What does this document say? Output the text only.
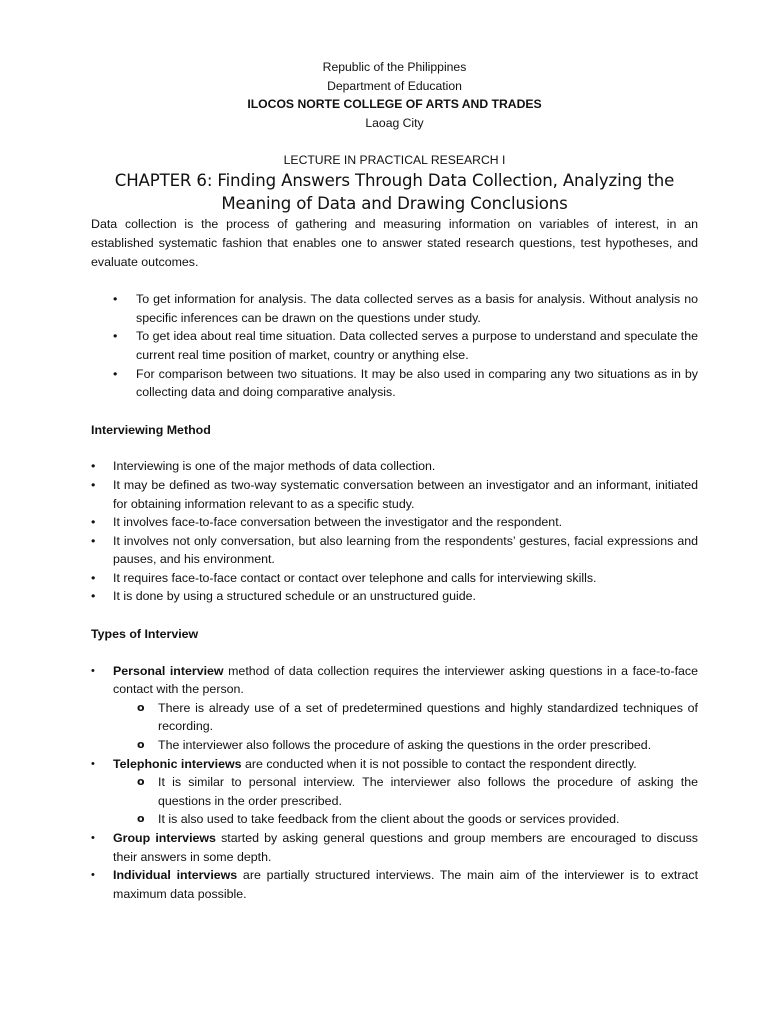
Republic of the Philippines
Department of Education
ILOCOS NORTE COLLEGE OF ARTS AND TRADES
Laoag City
LECTURE IN PRACTICAL RESEARCH I
CHAPTER 6: Finding Answers Through Data Collection, Analyzing the Meaning of Data and Drawing Conclusions

Data collection is the process of gathering and measuring information on variables of interest, in an established systematic fashion that enables one to answer stated research questions, test hypotheses, and evaluate outcomes.

• To get information for analysis. The data collected serves as a basis for analysis. Without analysis no specific inferences can be drawn on the questions under study.
• To get idea about real time situation. Data collected serves a purpose to understand and speculate the current real time position of market, country or anything else.
• For comparison between two situations. It may be also used in comparing any two situations as in by collecting data and doing comparative analysis.
Interviewing Method
• Interviewing is one of the major methods of data collection.
• It may be defined as two-way systematic conversation between an investigator and an informant, initiated for obtaining information relevant to as a specific study.
• It involves face-to-face conversation between the investigator and the respondent.
• It involves not only conversation, but also learning from the respondents’ gestures, facial expressions and pauses, and his environment.
• It requires face-to-face contact or contact over telephone and calls for interviewing skills.
• It is done by using a structured schedule or an unstructured guide.
Types of Interview
• Personal interview method of data collection requires the interviewer asking questions in a face-to-face contact with the person.
o There is already use of a set of predetermined questions and highly standardized techniques of recording.
o The interviewer also follows the procedure of asking the questions in the order prescribed.
• Telephonic interviews are conducted when it is not possible to contact the respondent directly.
o It is similar to personal interview. The interviewer also follows the procedure of asking the questions in the order prescribed.
o It is also used to take feedback from the client about the goods or services provided.
• Group interviews started by asking general questions and group members are encouraged to discuss their answers in some depth.
• Individual interviews are partially structured interviews. The main aim of the interviewer is to extract maximum data possible.
